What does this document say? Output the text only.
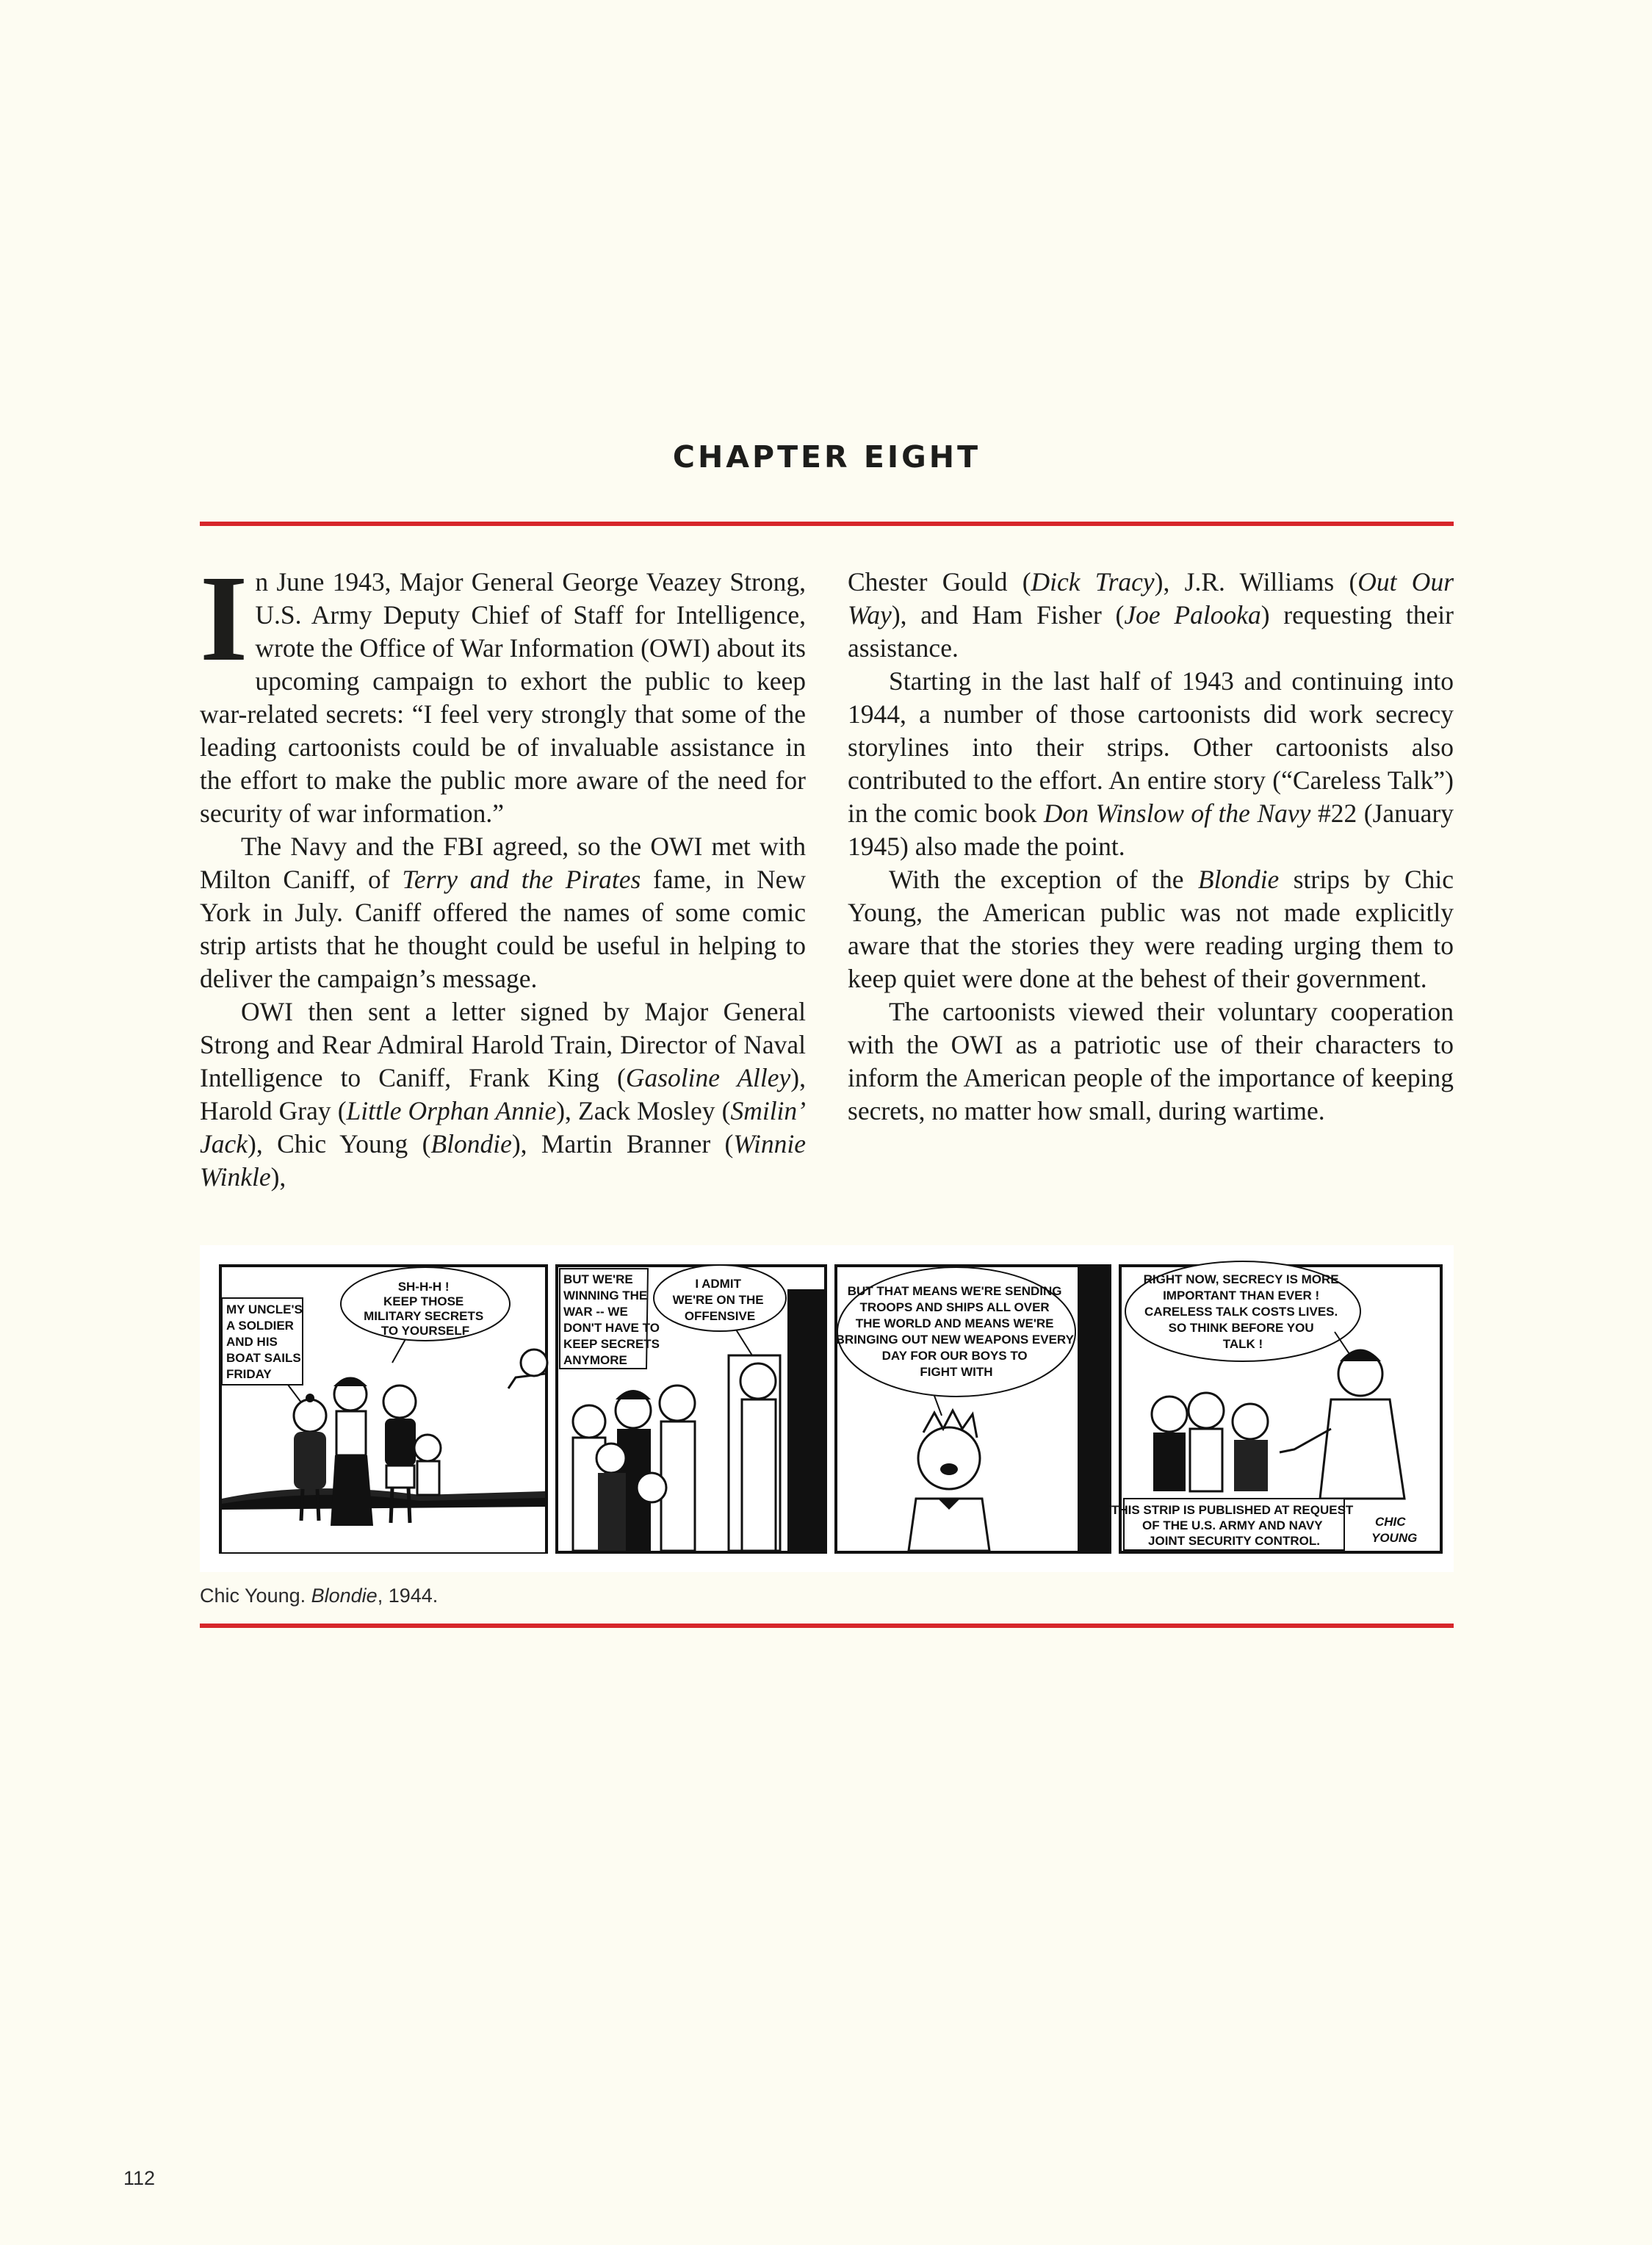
CHAPTER EIGHT

In June 1943, Major General George Veazey Strong, U.S. Army Deputy Chief of Staff for Intelligence, wrote the Office of War Information (OWI) about its upcoming campaign to exhort the public to keep war-related secrets: “I feel very strongly that some of the leading cartoonists could be of invaluable assistance in the effort to make the public more aware of the need for security of war information.”

The Navy and the FBI agreed, so the OWI met with Milton Caniff, of Terry and the Pirates fame, in New York in July. Caniff offered the names of some comic strip artists that he thought could be useful in helping to deliver the campaign’s message.

OWI then sent a letter signed by Major General Strong and Rear Admiral Harold Train, Director of Naval Intelligence to Caniff, Frank King (Gasoline Alley), Harold Gray (Little Orphan Annie), Zack Mosley (Smilin’ Jack), Chic Young (Blondie), Martin Branner (Winnie Winkle),

Chester Gould (Dick Tracy), J.R. Williams (Out Our Way), and Ham Fisher (Joe Palooka) requesting their assistance.

Starting in the last half of 1943 and continuing into 1944, a number of those cartoonists did work secrecy storylines into their strips. Other cartoonists also contributed to the effort. An entire story (“Careless Talk”) in the comic book Don Winslow of the Navy #22 (January 1945) also made the point.

With the exception of the Blondie strips by Chic Young, the American public was not made explicitly aware that the stories they were reading urging them to keep quiet were done at the behest of their government.

The cartoonists viewed their voluntary cooperation with the OWI as a patriotic use of their characters to inform the American people of the importance of keeping secrets, no matter how small, during wartime.

MY UNCLE'S A SOLDIER AND HIS BOAT SAILS FRIDAY
SH-H-H ! KEEP THOSE MILITARY SECRETS TO YOURSELF
BUT WE'RE WINNING THE WAR -- WE DON'T HAVE TO KEEP SECRETS ANYMORE
I ADMIT WE'RE ON THE OFFENSIVE
BUT THAT MEANS WE'RE SENDING TROOPS AND SHIPS ALL OVER THE WORLD AND MEANS WE'RE BRINGING OUT NEW WEAPONS EVERY DAY FOR OUR BOYS TO FIGHT WITH
RIGHT NOW, SECRECY IS MORE IMPORTANT THAN EVER ! CARELESS TALK COSTS LIVES. SO THINK BEFORE YOU TALK !
THIS STRIP IS PUBLISHED AT REQUEST OF THE U.S. ARMY AND NAVY JOINT SECURITY CONTROL.
CHIC YOUNG
Chic Young. Blondie, 1944.
112
